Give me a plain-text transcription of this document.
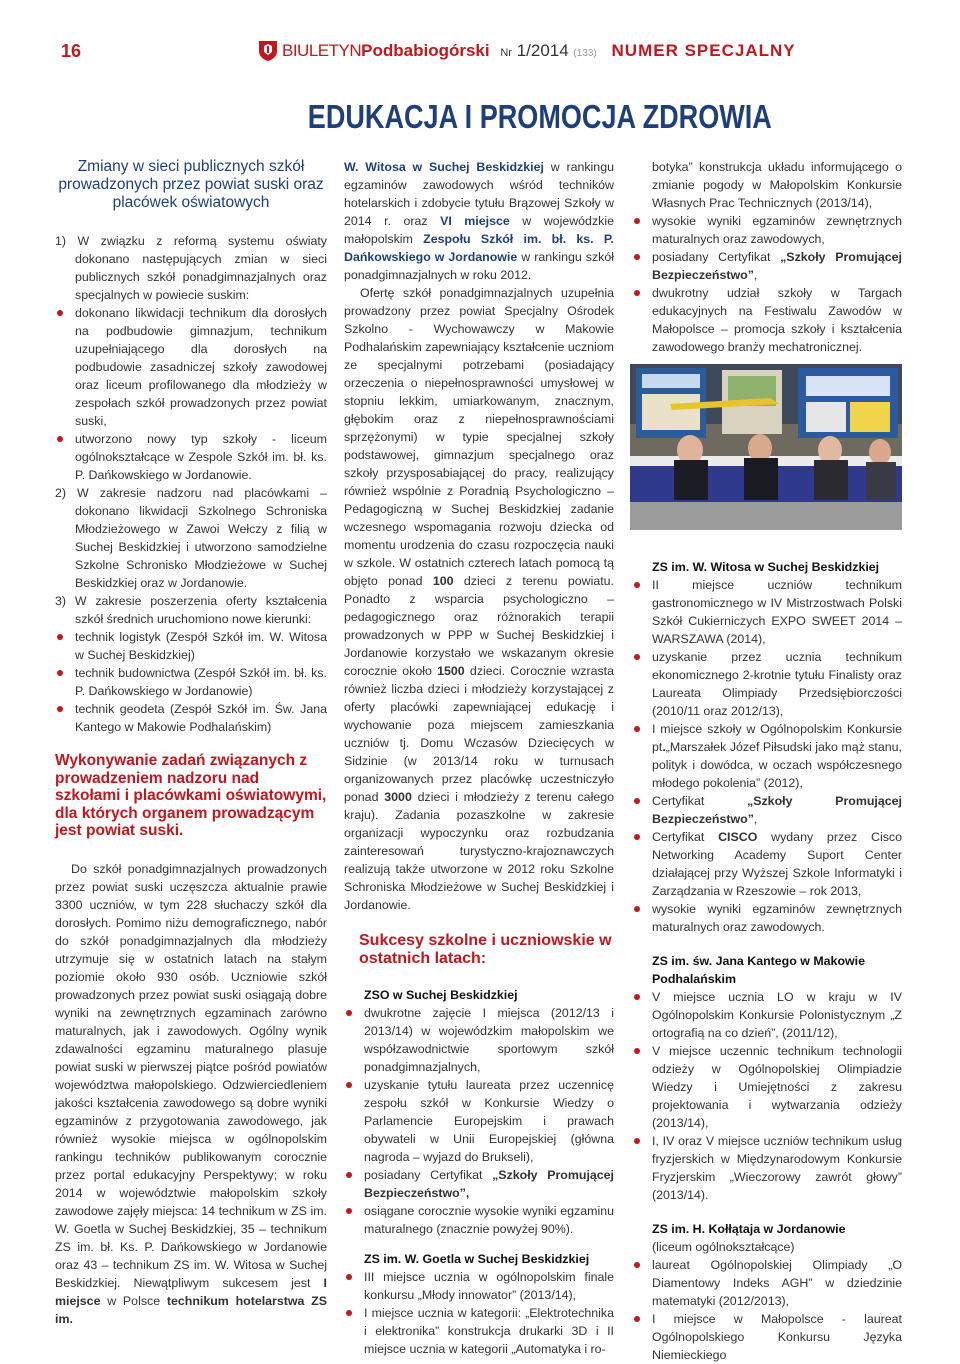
16	BIULETYNPodbabiogórski Nr 1/2014 (133) NUMER SPECJALNY
EDUKACJA I PROMOCJA ZDROWIA
Zmiany w sieci publicznych szkół prowadzonych przez powiat suski oraz placówek oświatowych

1) W związku z reformą systemu oświaty dokonano następujących zmian w sieci publicznych szkół ponadgimnazjalnych oraz specjalnych w powiecie suskim:

dokonano likwidacji technikum dla dorosłych na podbudowie gimnazjum, technikum uzupełniającego dla dorosłych na podbudowie zasadniczej szkoły zawodowej oraz liceum profilowanego dla młodzieży w zespołach szkół prowadzonych przez powiat suski,
utworzono nowy typ szkoły - liceum ogólnokształcące w Zespole Szkół im. bł. ks. P. Dańkowskiego w Jordanowie.

2) W zakresie nadzoru nad placówkami – dokonano likwidacji Szkolnego Schroniska Młodzieżowego w Zawoi Wełczy z filią w Suchej Beskidzkiej i utworzono samodzielne Szkolne Schronisko Młodzieżowe w Suchej Beskidzkiej oraz w Jordanowie.

3) W zakresie poszerzenia oferty kształcenia szkół średnich uruchomiono nowe kierunki:

technik logistyk (Zespół Szkół im. W. Witosa w Suchej Beskidzkiej)
technik budownictwa (Zespół Szkół im. bł. ks. P. Dańkowskiego w Jordanowie)
technik geodeta (Zespół Szkół im. Św. Jana Kantego w Makowie Podhalańskim)
Wykonywanie zadań związanych z prowadzeniem nadzoru nad szkołami i placówkami oświatowymi, dla których organem prowadzącym jest powiat suski.

Do szkół ponadgimnazjalnych prowadzonych przez powiat suski uczęszcza aktualnie prawie 3300 uczniów, w tym 228 słuchaczy szkół dla dorosłych. Pomimo niżu demograficznego, nabór do szkół ponadgimnazjalnych dla młodzieży utrzymuje się w ostatnich latach na stałym poziomie około 930 osób. Uczniowie szkół prowadzonych przez powiat suski osiągają dobre wyniki na zewnętrznych egzaminach zarówno maturalnych, jak i zawodowych. Ogólny wynik zdawalności egzaminu maturalnego plasuje powiat suski w pierwszej piątce pośród powiatów województwa małopolskiego. Odzwierciedleniem jakości kształcenia zawodowego są dobre wyniki egzaminów z przygotowania zawodowego, jak również wysokie miejsca w ogólnopolskim rankingu techników publikowanym corocznie przez portal edukacyjny Perspektywy; w roku 2014 w województwie małopolskim szkoły zawodowe zajęły miejsca: 14 technikum w ZS im. W. Goetla w Suchej Beskidzkiej, 35 – technikum ZS im. bł. Ks. P. Dańkowskiego w Jordanowie oraz 43 – technikum ZS im. W. Witosa w Suchej Beskidzkiej. Niewątpliwym sukcesem jest I miejsce w Polsce technikum hotelarstwa ZS im.

W. Witosa w Suchej Beskidzkiej w rankingu egzaminów zawodowych wśród techników hotelarskich i zdobycie tytułu Brązowej Szkoły w 2014 r. oraz VI miejsce w wojewódzkie małopolskim Zespołu Szkół im. bł. ks. P. Dańkowskiego w Jordanowie w rankingu szkół ponadgimnazjalnych w roku 2012.

Ofertę szkół ponadgimnazjalnych uzupełnia prowadzony przez powiat Specjalny Ośrodek Szkolno - Wychowawczy w Makowie Podhalańskim zapewniający kształcenie uczniom ze specjalnymi potrzebami (posiadający orzeczenia o niepełnosprawności umysłowej w stopniu lekkim, umiarkowanym, znacznym, głębokim oraz z niepełnosprawnościami sprzężonymi) w typie specjalnej szkoły podstawowej, gimnazjum specjalnego oraz szkoły przysposabiającej do pracy, realizujący również wspólnie z Poradnią Psychologiczno – Pedagogiczną w Suchej Beskidzkiej zadanie wczesnego wspomagania rozwoju dziecka od momentu urodzenia do czasu rozpoczęcia nauki w szkole. W ostatnich czterech latach pomocą tą objęto ponad 100 dzieci z terenu powiatu. Ponadto z wsparcia psychologiczno – pedagogicznego oraz różnorakich terapii prowadzonych w PPP w Suchej Beskidzkiej i Jordanowie korzystało we wskazanym okresie corocznie około 1500 dzieci. Corocznie wzrasta również liczba dzieci i młodzieży korzystającej z oferty placówki zapewniającej edukację i wychowanie poza miejscem zamieszkania uczniów tj. Domu Wczasów Dziecięcych w Sidzinie (w 2013/14 roku w turnusach organizowanych przez placówkę uczestniczyło ponad 3000 dzieci i młodzieży z terenu całego kraju). Zadania pozaszkolne w zakresie organizacji wypoczynku oraz rozbudzania zainteresowań turystyczno-krajoznawczych realizują także utworzone w 2012 roku Szkolne Schroniska Młodzieżowe w Suchej Beskidzkiej i Jordanowie.

Sukcesy szkolne i uczniowskie w ostatnich latach:

ZSO w Suchej Beskidzkiej

dwukrotne zajęcie I miejsca (2012/13 i 2013/14) w wojewódzkim małopolskim we współzawodnictwie sportowym szkół ponadgimnazjalnych,
uzyskanie tytułu laureata przez uczennicę zespołu szkół w Konkursie Wiedzy o Parlamencie Europejskim i prawach obywateli w Unii Europejskiej (główna nagroda – wyjazd do Brukseli),
posiadany Certyfikat „Szkoły Promującej Bezpieczeństwo”,
osiągane corocznie wysokie wyniki egzaminu maturalnego (znacznie powyżej 90%).

ZS im. W. Goetla w Suchej Beskidzkiej

III miejsce ucznia w ogólnopolskim finale konkursu „Młody innowator” (2013/14),
I miejsce ucznia w kategorii: „Elektrotechnika i elektronika” konstrukcja drukarki 3D i II miejsce ucznia w kategorii „Automatyka i ro-

botyka” konstrukcja układu informującego o zmianie pogody w Małopolskim Konkursie Własnych Prac Technicznych (2013/14),

wysokie wyniki egzaminów zewnętrznych maturalnych oraz zawodowych,
posiadany Certyfikat „Szkoły Promującej Bezpieczeństwo”,
dwukrotny udział szkoły w Targach edukacyjnych na Festiwalu Zawodów w Małopolsce – promocja szkoły i kształcenia zawodowego branży mechatronicznej.

ZS im. W. Witosa w Suchej Beskidzkiej

II miejsce uczniów technikum gastronomicznego w IV Mistrzostwach Polski Szkół Cukierniczych EXPO SWEET 2014 – WARSZAWA (2014),
uzyskanie przez ucznia technikum ekonomicznego 2-krotnie tytułu Finalisty oraz Laureata Olimpiady Przedsiębiorczości (2010/11 oraz 2012/13),
I miejsce szkoły w Ogólnopolskim Konkursie pt.„Marszałek Józef Piłsudski jako mąż stanu, polityk i dowódca, w oczach współczesnego młodego pokolenia” (2012),
Certyfikat „Szkoły Promującej Bezpieczeństwo”,
Certyfikat CISCO wydany przez Cisco Networking Academy Suport Center działającej przy Wyższej Szkole Informatyki i Zarządzania w Rzeszowie – rok 2013,
wysokie wyniki egzaminów zewnętrznych maturalnych oraz zawodowych.

ZS im. św. Jana Kantego w Makowie Podhalańskim

V miejsce ucznia LO w kraju w IV Ogólnopolskim Konkursie Polonistycznym „Z ortografią na co dzień”, (2011/12),
V miejsce uczennic technikum technologii odzieży w Ogólnopolskiej Olimpiadzie Wiedzy i Umiejętności z zakresu projektowania i wytwarzania odzieży (2013/14),
I, IV oraz V miejsce uczniów technikum usług fryzjerskich w Międzynarodowym Konkursie Fryzjerskim „Wieczorowy zawrót głowy” (2013/14).

ZS im. H. Kołłątaja w Jordanowie

(liceum ogólnokształcące)

laureat Ogólnopolskiej Olimpiady „O Diamentowy Indeks AGH” w dziedzinie matematyki (2012/2013),
I miejsce w Małopolsce - laureat Ogólnopolskiego Konkursu Języka Niemieckiego
